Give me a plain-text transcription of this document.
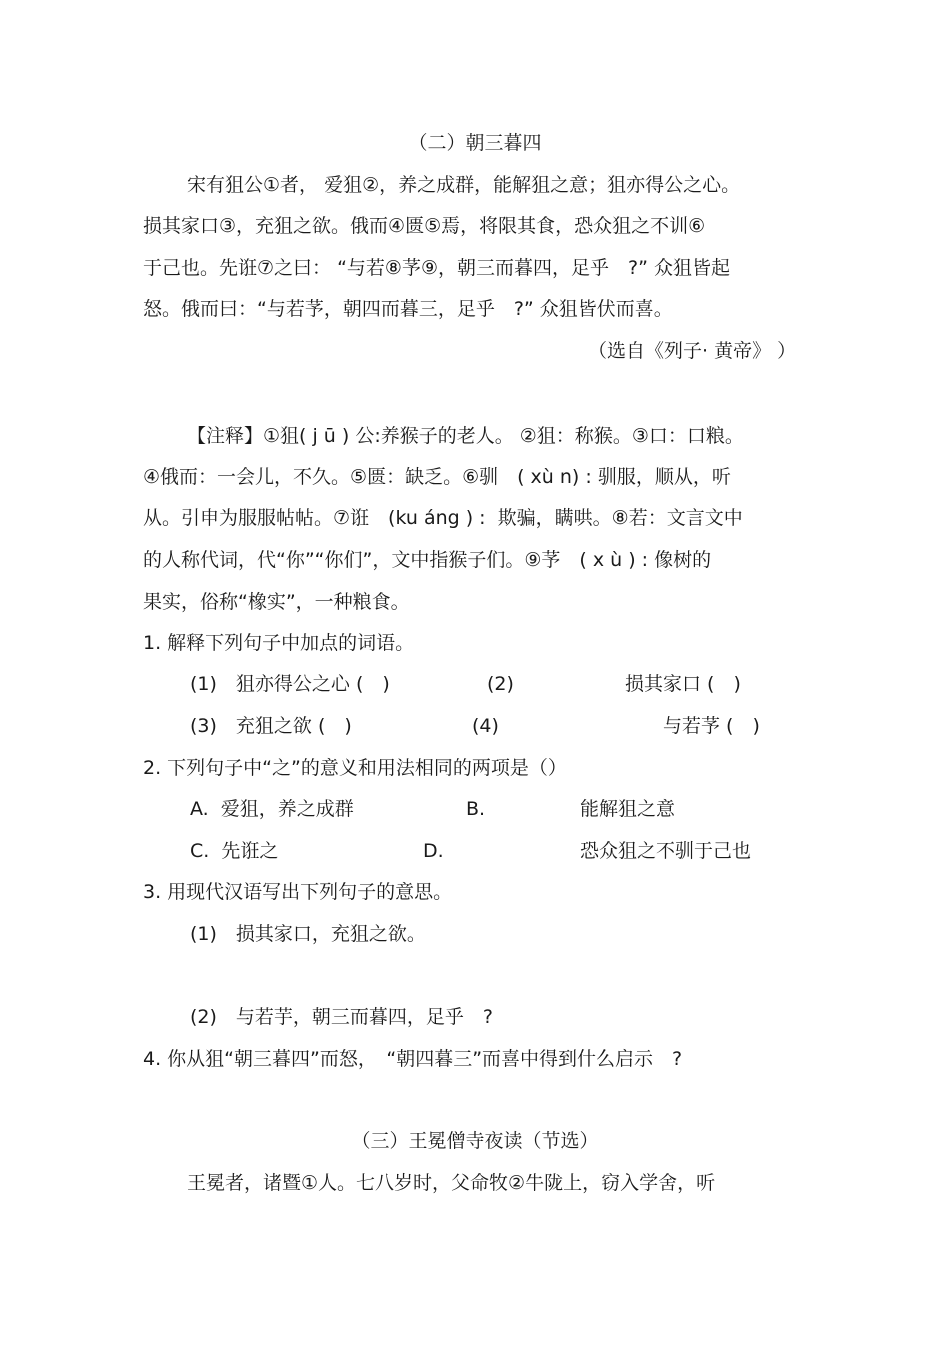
（二）朝三暮四
宋有狙公①者， 爱狙②，养之成群，能解狙之意；狙亦得公之心。
损其家口③，充狙之欲。俄而④匮⑤焉，将限其食，恐众狙之不训⑥
于己也。先诳⑦之曰： “与若⑧芧⑨，朝三而暮四，足乎　?” 众狙皆起
怒。俄而曰：“与若芧，朝四而暮三，足乎　?” 众狙皆伏而喜。
（选自《列子· 黄帝》 ）
【注释】①狙( j ū ) 公:养猴子的老人。 ②狙：称猴。③口：口粮。
④俄而：一会儿，不久。⑤匮：缺乏。⑥驯　( xù n) : 驯服，顺从，听
从。引申为服服帖帖。⑦诳　(ku áng ) :  欺骗，瞒哄。⑧若：文言文中
的人称代词，代“你”“你们”，文中指猴子们。⑨芧　( x ù ) : 像树的
果实，俗称“橡实”，一种粮食。
1. 解释下列句子中加点的词语。
(1)　狙亦得公之心 (　)	(2)	损其家口 (　)
(3)　充狙之欲 (　)	(4)	与若芧 (　)
2. 下列句子中“之”的意义和用法相同的两项是（）
A.  爱狙，养之成群	B.	能解狙之意
C.  先诳之	D.	恐众狙之不驯于己也
3. 用现代汉语写出下列句子的意思。
(1)　损其家口，充狙之欲。
(2)　与若芋，朝三而暮四，足乎　?
4. 你从狙“朝三暮四”而怒，　“朝四暮三”而喜中得到什么启示　?
（三）王冕僧寺夜读（节选）
王冕者，诸暨①人。七八岁时，父命牧②牛陇上，窃入学舍，听
